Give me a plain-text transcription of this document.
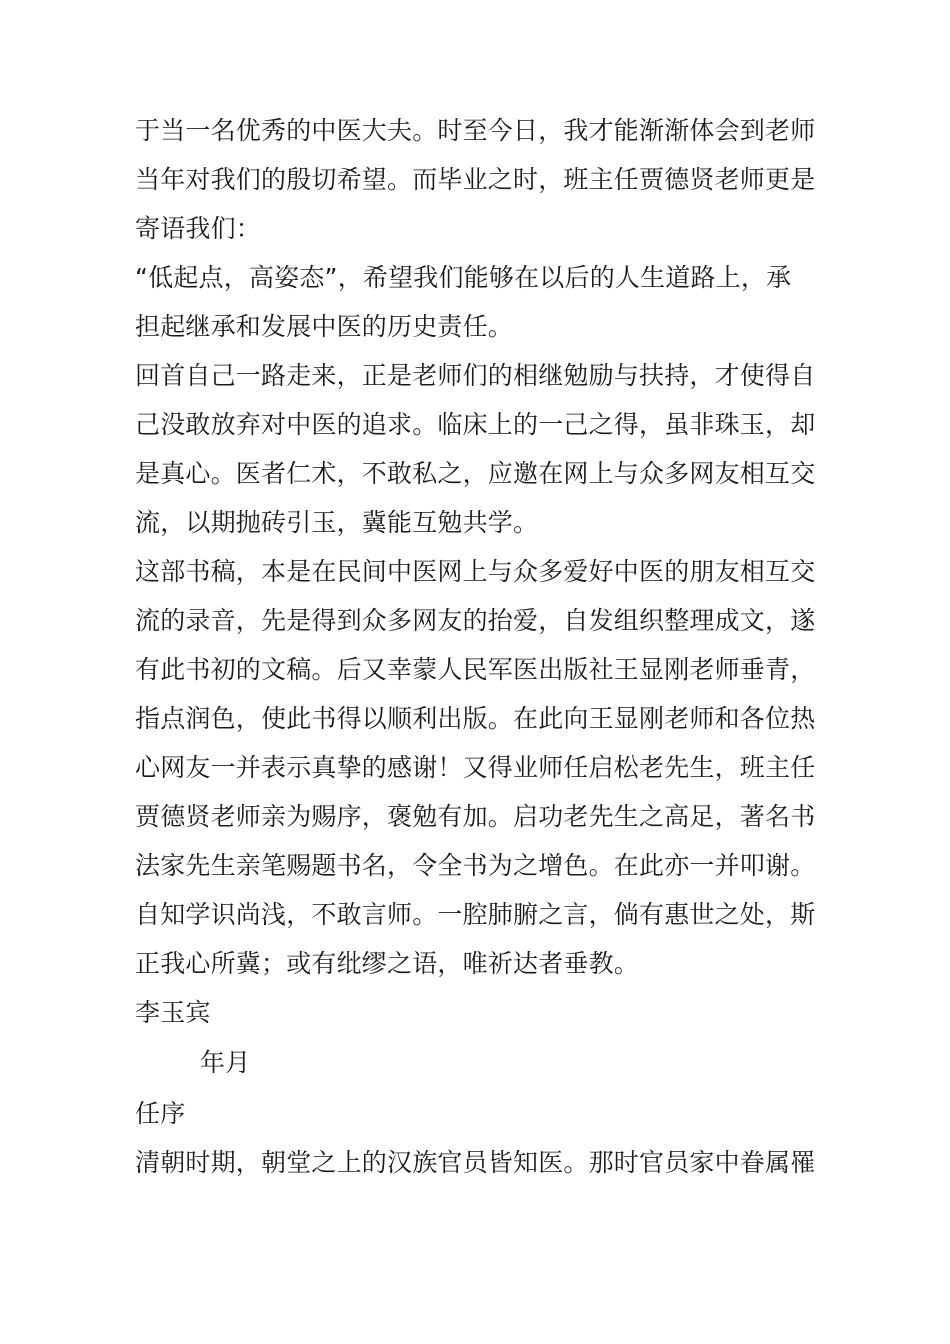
于当一名优秀的中医大夫。时至今日，我才能渐渐体会到老师
当年对我们的殷切希望。而毕业之时，班主任贾德贤老师更是
寄语我们：
“低起点，高姿态”，希望我们能够在以后的人生道路上，承
担起继承和发展中医的历史责任。
回首自己一路走来，正是老师们的相继勉励与扶持，才使得自
己没敢放弃对中医的追求。临床上的一己之得，虽非珠玉，却
是真心。医者仁术，不敢私之，应邀在网上与众多网友相互交
流，以期抛砖引玉，冀能互勉共学。
这部书稿，本是在民间中医网上与众多爱好中医的朋友相互交
流的录音，先是得到众多网友的抬爱，自发组织整理成文，遂
有此书初的文稿。后又幸蒙人民军医出版社王显刚老师垂青，
指点润色，使此书得以顺利出版。在此向王显刚老师和各位热
心网友一并表示真挚的感谢！又得业师任启松老先生，班主任
贾德贤老师亲为赐序，褒勉有加。启功老先生之高足，著名书
法家先生亲笔赐题书名，令全书为之增色。在此亦一并叩谢。
自知学识尚浅，不敢言师。一腔肺腑之言，倘有惠世之处，斯
正我心所冀；或有纰缪之语，唯祈达者垂教。
李玉宾
年月
任序
清朝时期，朝堂之上的汉族官员皆知医。那时官员家中眷属罹
